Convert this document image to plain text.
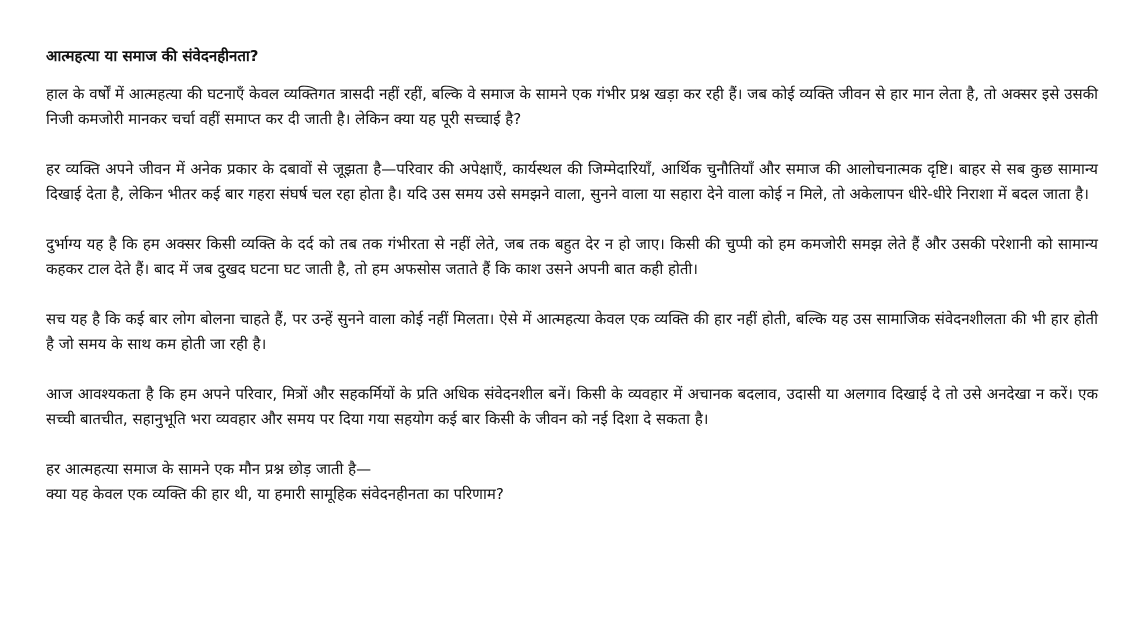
आत्महत्या या समाज की संवेदनहीनता?

हाल के वर्षों में आत्महत्या की घटनाएँ केवल व्यक्तिगत त्रासदी नहीं रहीं, बल्कि वे समाज के सामने एक गंभीर प्रश्न खड़ा कर रही हैं। जब कोई व्यक्ति जीवन से हार मान लेता है, तो अक्सर इसे उसकी निजी कमजोरी मानकर चर्चा वहीं समाप्त कर दी जाती है। लेकिन क्या यह पूरी सच्चाई है?

हर व्यक्ति अपने जीवन में अनेक प्रकार के दबावों से जूझता है—परिवार की अपेक्षाएँ, कार्यस्थल की जिम्मेदारियाँ, आर्थिक चुनौतियाँ और समाज की आलोचनात्मक दृष्टि। बाहर से सब कुछ सामान्य दिखाई देता है, लेकिन भीतर कई बार गहरा संघर्ष चल रहा होता है। यदि उस समय उसे समझने वाला, सुनने वाला या सहारा देने वाला कोई न मिले, तो अकेलापन धीरे-धीरे निराशा में बदल जाता है।

दुर्भाग्य यह है कि हम अक्सर किसी व्यक्ति के दर्द को तब तक गंभीरता से नहीं लेते, जब तक बहुत देर न हो जाए। किसी की चुप्पी को हम कमजोरी समझ लेते हैं और उसकी परेशानी को सामान्य कहकर टाल देते हैं। बाद में जब दुखद घटना घट जाती है, तो हम अफसोस जताते हैं कि काश उसने अपनी बात कही होती।

सच यह है कि कई बार लोग बोलना चाहते हैं, पर उन्हें सुनने वाला कोई नहीं मिलता। ऐसे में आत्महत्या केवल एक व्यक्ति की हार नहीं होती, बल्कि यह उस सामाजिक संवेदनशीलता की भी हार होती है जो समय के साथ कम होती जा रही है।

आज आवश्यकता है कि हम अपने परिवार, मित्रों और सहकर्मियों के प्रति अधिक संवेदनशील बनें। किसी के व्यवहार में अचानक बदलाव, उदासी या अलगाव दिखाई दे तो उसे अनदेखा न करें। एक सच्ची बातचीत, सहानुभूति भरा व्यवहार और समय पर दिया गया सहयोग कई बार किसी के जीवन को नई दिशा दे सकता है।

हर आत्महत्या समाज के सामने एक मौन प्रश्न छोड़ जाती है—
क्या यह केवल एक व्यक्ति की हार थी, या हमारी सामूहिक संवेदनहीनता का परिणाम?
